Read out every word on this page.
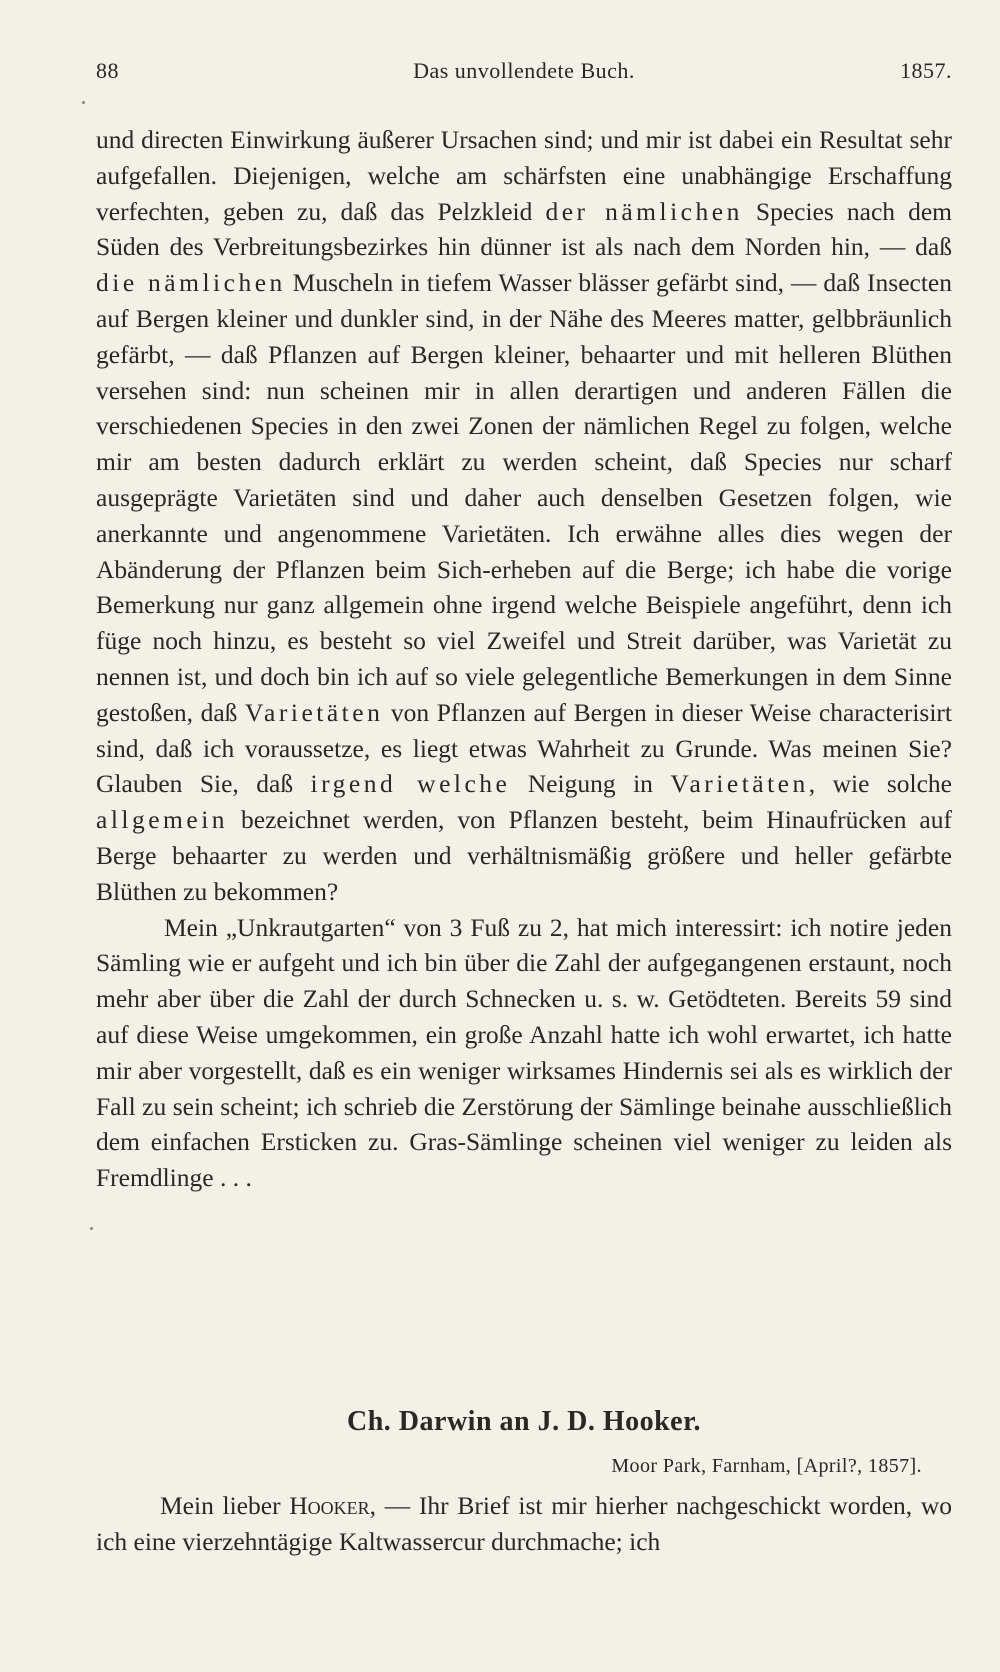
88	Das unvollendete Buch.	1857.

und directen Einwirkung äußerer Ursachen sind; und mir ist dabei ein Resultat sehr aufgefallen. Diejenigen, welche am schärfsten eine unabhängige Erschaffung verfechten, geben zu, daß das Pelzkleid der nämlichen Species nach dem Süden des Verbreitungsbezirkes hin dünner ist als nach dem Norden hin, — daß die nämlichen Muscheln in tiefem Wasser blässer gefärbt sind, — daß Insecten auf Bergen kleiner und dunkler sind, in der Nähe des Meeres matter, gelbbräunlich gefärbt, — daß Pflanzen auf Bergen kleiner, behaarter und mit helleren Blüthen versehen sind: nun scheinen mir in allen derartigen und anderen Fällen die verschiedenen Species in den zwei Zonen der nämlichen Regel zu folgen, welche mir am besten dadurch erklärt zu werden scheint, daß Species nur scharf ausgeprägte Varietäten sind und daher auch denselben Gesetzen folgen, wie anerkannte und angenommene Varietäten. Ich erwähne alles dies wegen der Abänderung der Pflanzen beim Sich-erheben auf die Berge; ich habe die vorige Bemerkung nur ganz allgemein ohne irgend welche Beispiele angeführt, denn ich füge noch hinzu, es besteht so viel Zweifel und Streit darüber, was Varietät zu nennen ist, und doch bin ich auf so viele gelegentliche Bemerkungen in dem Sinne gestoßen, daß Varietäten von Pflanzen auf Bergen in dieser Weise characterisirt sind, daß ich voraussetze, es liegt etwas Wahrheit zu Grunde. Was meinen Sie? Glauben Sie, daß irgend welche Neigung in Varietäten, wie solche allgemein bezeichnet werden, von Pflanzen besteht, beim Hinaufrücken auf Berge behaarter zu werden und verhältnismäßig größere und heller gefärbte Blüthen zu bekommen?

Mein „Unkrautgarten“ von 3 Fuß zu 2, hat mich interessirt: ich notire jeden Sämling wie er aufgeht und ich bin über die Zahl der aufgegangenen erstaunt, noch mehr aber über die Zahl der durch Schnecken u. s. w. Getödteten. Bereits 59 sind auf diese Weise umgekommen, ein große Anzahl hatte ich wohl erwartet, ich hatte mir aber vorgestellt, daß es ein weniger wirksames Hindernis sei als es wirklich der Fall zu sein scheint; ich schrieb die Zerstörung der Sämlinge beinahe ausschließlich dem einfachen Ersticken zu. Gras-Sämlinge scheinen viel weniger zu leiden als Fremdlinge . . .

Ch. Darwin an J. D. Hooker.
Moor Park, Farnham, [April?, 1857].

Mein lieber Hooker, — Ihr Brief ist mir hierher nachgeschickt worden, wo ich eine vierzehntägige Kaltwassercur durchmache; ich
